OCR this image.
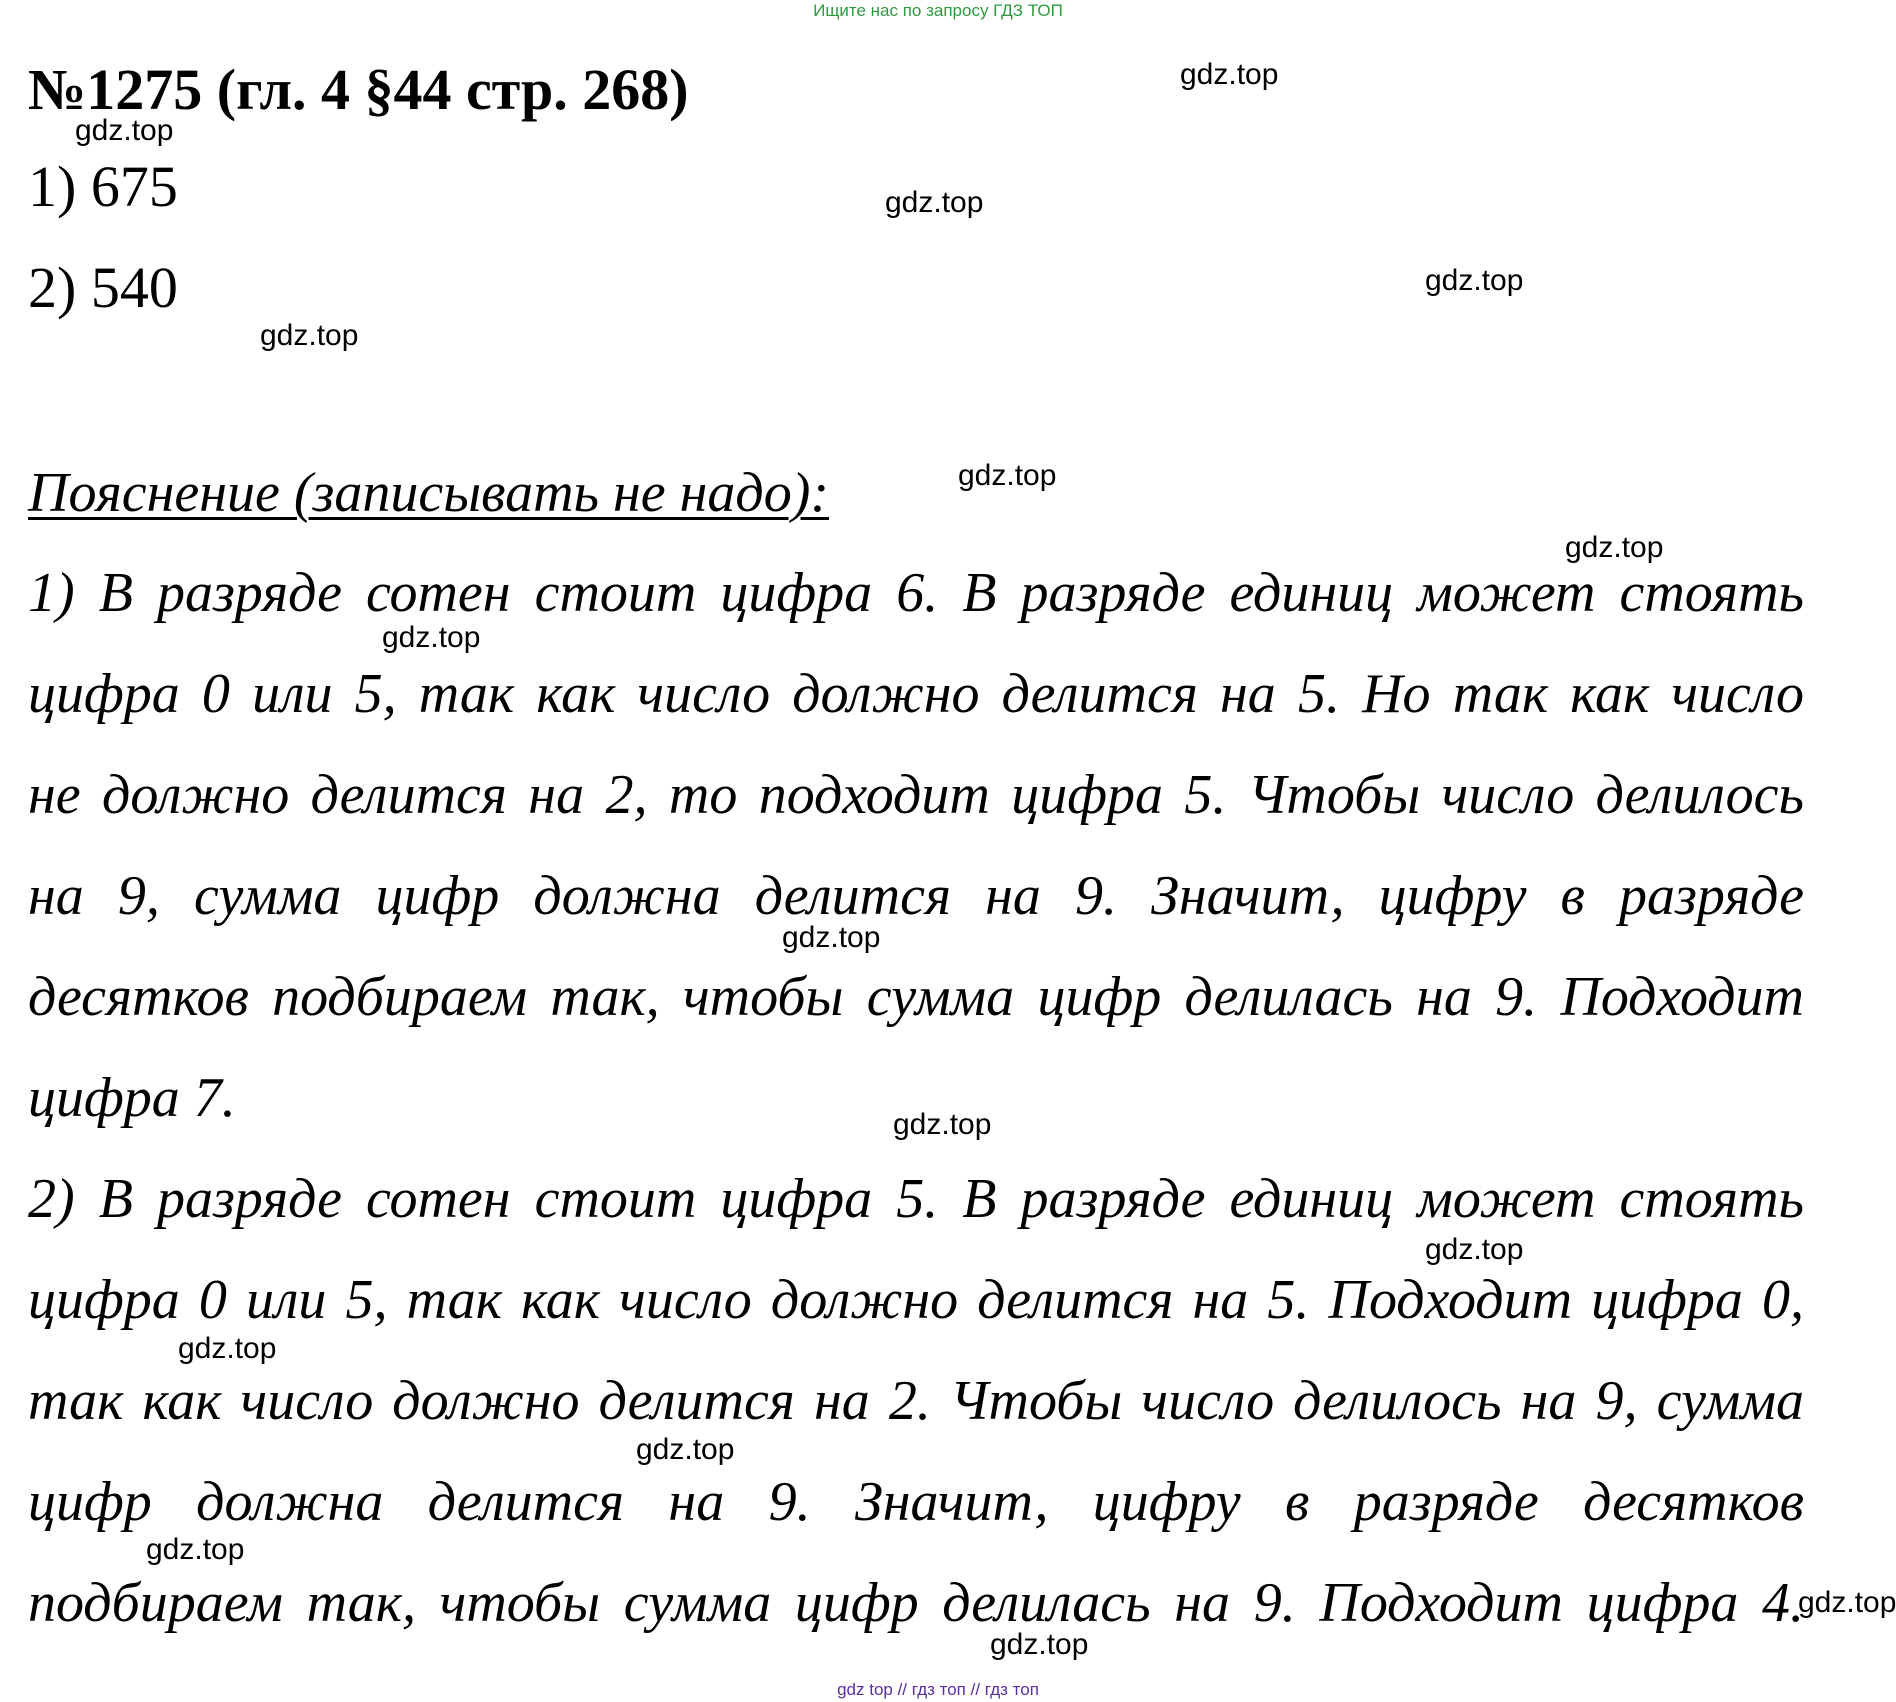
Ищите нас по запросу ГДЗ ТОП
№1275 (гл. 4 §44 стр. 268)
1) 675
2) 540
Пояснение (записывать не надо):
1) В разряде сотен стоит цифра 6. В разряде единиц может стоять
цифра 0 или 5, так как число должно делится на 5. Но так как число
не должно делится на 2, то подходит цифра 5. Чтобы число делилось
на 9, сумма цифр должна делится на 9. Значит, цифру в разряде
десятков подбираем так, чтобы сумма цифр делилась на 9. Подходит
цифра 7.
2) В разряде сотен стоит цифра 5. В разряде единиц может стоять
цифра 0 или 5, так как число должно делится на 5. Подходит цифра 0,
так как число должно делится на 2. Чтобы число делилось на 9, сумма
цифр должна делится на 9. Значит, цифру в разряде десятков
подбираем так, чтобы сумма цифр делилась на 9. Подходит цифра 4.
gdz.top
gdz.top
gdz.top
gdz.top
gdz.top
gdz.top
gdz.top
gdz.top
gdz.top
gdz.top
gdz.top
gdz.top
gdz.top
gdz.top
gdz.top
gdz.top
gdz top // гдз топ // гдз топ
